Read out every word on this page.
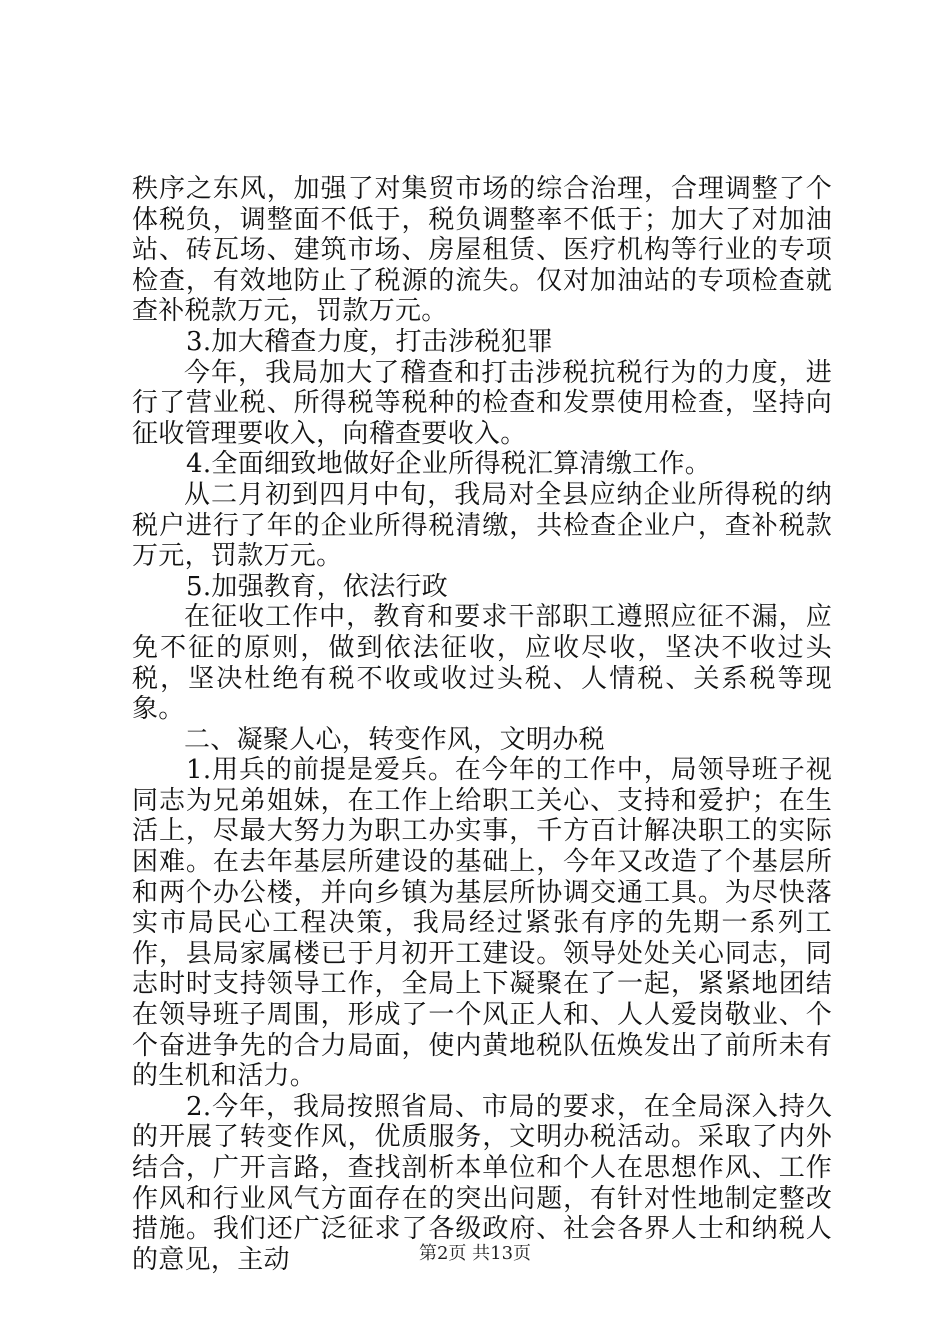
秩序之东风，加强了对集贸市场的综合治理，合理调整了个体税负，调整面不低于，税负调整率不低于；加大了对加油站、砖瓦场、建筑市场、房屋租赁、医疗机构等行业的专项检查，有效地防止了税源的流失。仅对加油站的专项检查就查补税款万元，罚款万元。

3.加大稽查力度，打击涉税犯罪

今年，我局加大了稽查和打击涉税抗税行为的力度，进行了营业税、所得税等税种的检查和发票使用检查，坚持向征收管理要收入，向稽查要收入。

4.全面细致地做好企业所得税汇算清缴工作。

从二月初到四月中旬，我局对全县应纳企业所得税的纳税户进行了年的企业所得税清缴，共检查企业户，查补税款万元，罚款万元。

5.加强教育，依法行政

在征收工作中，教育和要求干部职工遵照应征不漏，应免不征的原则，做到依法征收，应收尽收，坚决不收过头税，坚决杜绝有税不收或收过头税、人情税、关系税等现象。

二、凝聚人心，转变作风，文明办税

1.用兵的前提是爱兵。在今年的工作中，局领导班子视同志为兄弟姐妹，在工作上给职工关心、支持和爱护；在生活上，尽最大努力为职工办实事，千方百计解决职工的实际困难。在去年基层所建设的基础上，今年又改造了个基层所和两个办公楼，并向乡镇为基层所协调交通工具。为尽快落实市局民心工程决策，我局经过紧张有序的先期一系列工作，县局家属楼已于月初开工建设。领导处处关心同志，同志时时支持领导工作，全局上下凝聚在了一起，紧紧地团结在领导班子周围，形成了一个风正人和、人人爱岗敬业、个个奋进争先的合力局面，使内黄地税队伍焕发出了前所未有的生机和活力。

2.今年，我局按照省局、市局的要求，在全局深入持久的开展了转变作风，优质服务，文明办税活动。采取了内外结合，广开言路，查找剖析本单位和个人在思想作风、工作作风和行业风气方面存在的突出问题，有针对性地制定整改措施。我们还广泛征求了各级政府、社会各界人士和纳税人的意见，主动	第2页 共13页
